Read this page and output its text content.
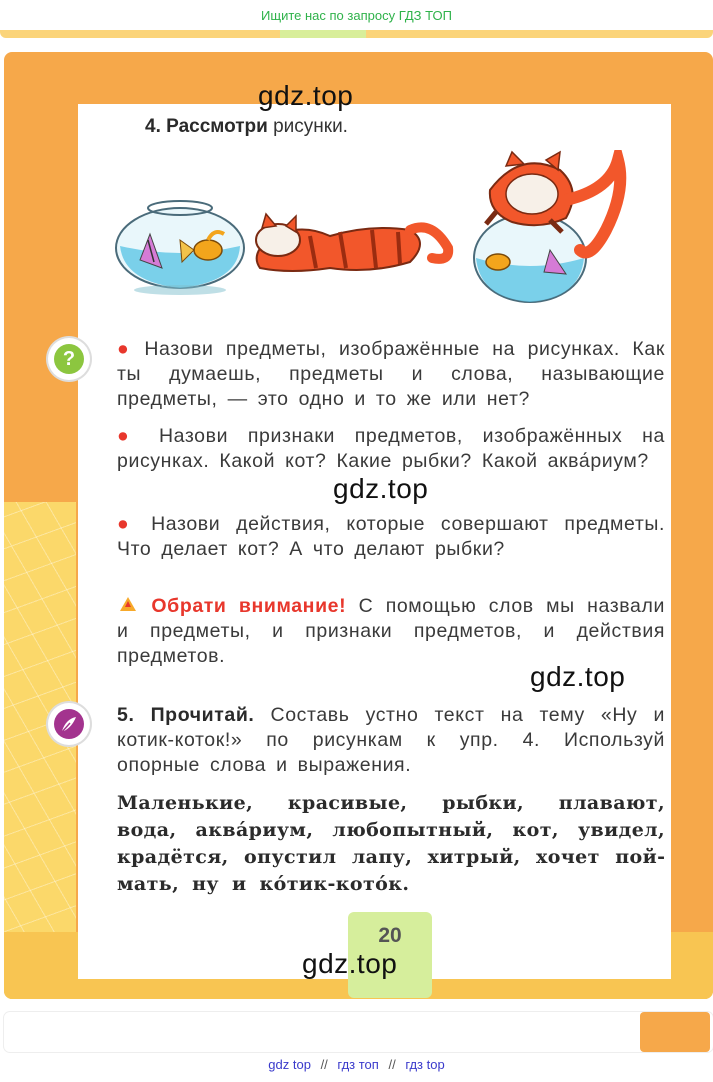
Ищите нас по запросу ГДЗ ТОП
gdz.top
4. Рассмотри рисунки.
?	● Назови предметы, изображённые на рисунках. Как ты думаешь, предметы и слова, называющие предметы, — это одно и то же или нет?
● Назови признаки предметов, изображённых на рисунках. Какой кот? Какие рыбки? Какой аква́риум?
gdz.top
● Назови действия, которые совершают предметы. Что делает кот? А что делают рыбки?
Обрати внимание! С помощью слов мы назвали и предметы, и признаки предметов, и действия предметов.
gdz.top
5. Прочитай. Составь устно текст на тему «Ну и котик-коток!» по рисункам к упр. 4. Используй опорные слова и выражения.
Маленькие, красивые, рыбки, плавают, вода, аква́риум, любопытный, кот, увидел, крадётся, опустил лапу, хитрый, хочет поймать, ну и ко́тик-кото́к.
20
gdz.top
gdz top // гдз топ // гдз top
